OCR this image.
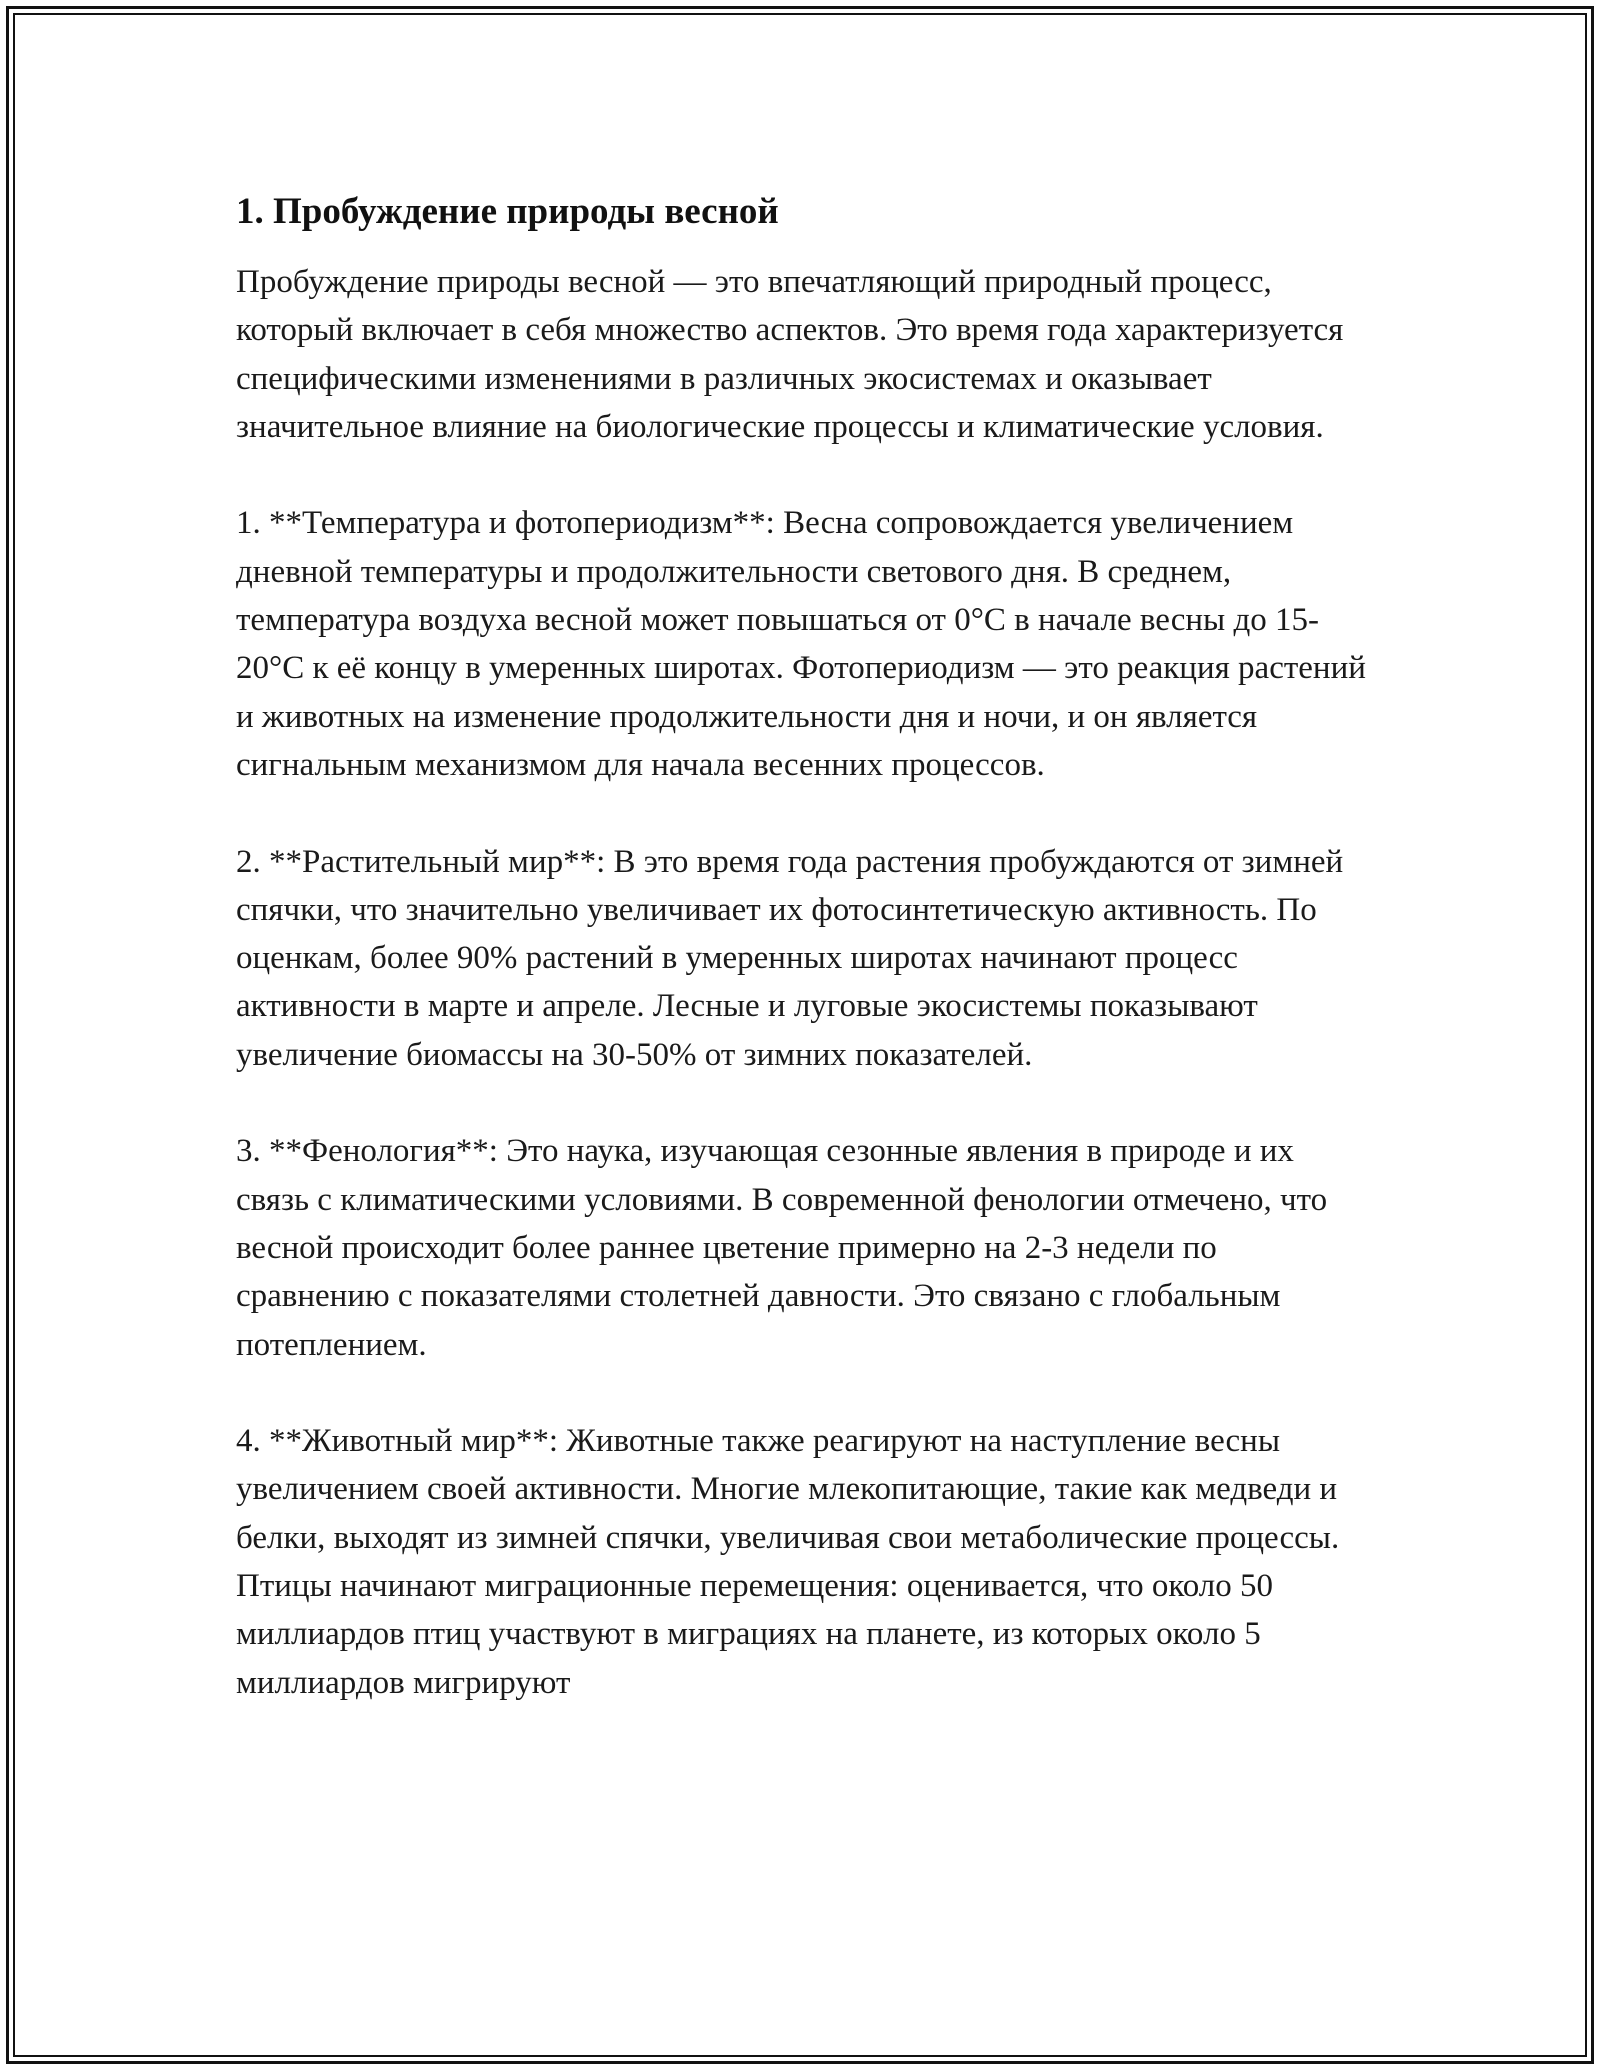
1. Пробуждение природы весной

Пробуждение природы весной — это впечатляющий природный процесс, который включает в себя множество аспектов. Это время года характеризуется специфическими изменениями в различных экосистемах и оказывает значительное влияние на биологические процессы и климатические условия.

1. **Температура и фотопериодизм**: Весна сопровождается увеличением дневной температуры и продолжительности светового дня. В среднем, температура воздуха весной может повышаться от 0°C в начале весны до 15-20°C к её концу в умеренных широтах. Фотопериодизм — это реакция растений и животных на изменение продолжительности дня и ночи, и он является сигнальным механизмом для начала весенних процессов.

2. **Растительный мир**: В это время года растения пробуждаются от зимней спячки, что значительно увеличивает их фотосинтетическую активность. По оценкам, более 90% растений в умеренных широтах начинают процесс активности в марте и апреле. Лесные и луговые экосистемы показывают увеличение биомассы на 30-50% от зимних показателей.

3. **Фенология**: Это наука, изучающая сезонные явления в природе и их связь с климатическими условиями. В современной фенологии отмечено, что весной происходит более раннее цветение примерно на 2-3 недели по сравнению с показателями столетней давности. Это связано с глобальным потеплением.

4. **Животный мир**: Животные также реагируют на наступление весны увеличением своей активности. Многие млекопитающие, такие как медведи и белки, выходят из зимней спячки, увеличивая свои метаболические процессы. Птицы начинают миграционные перемещения: оценивается, что около 50 миллиардов птиц участвуют в миграциях на планете, из которых около 5 миллиардов мигрируют
